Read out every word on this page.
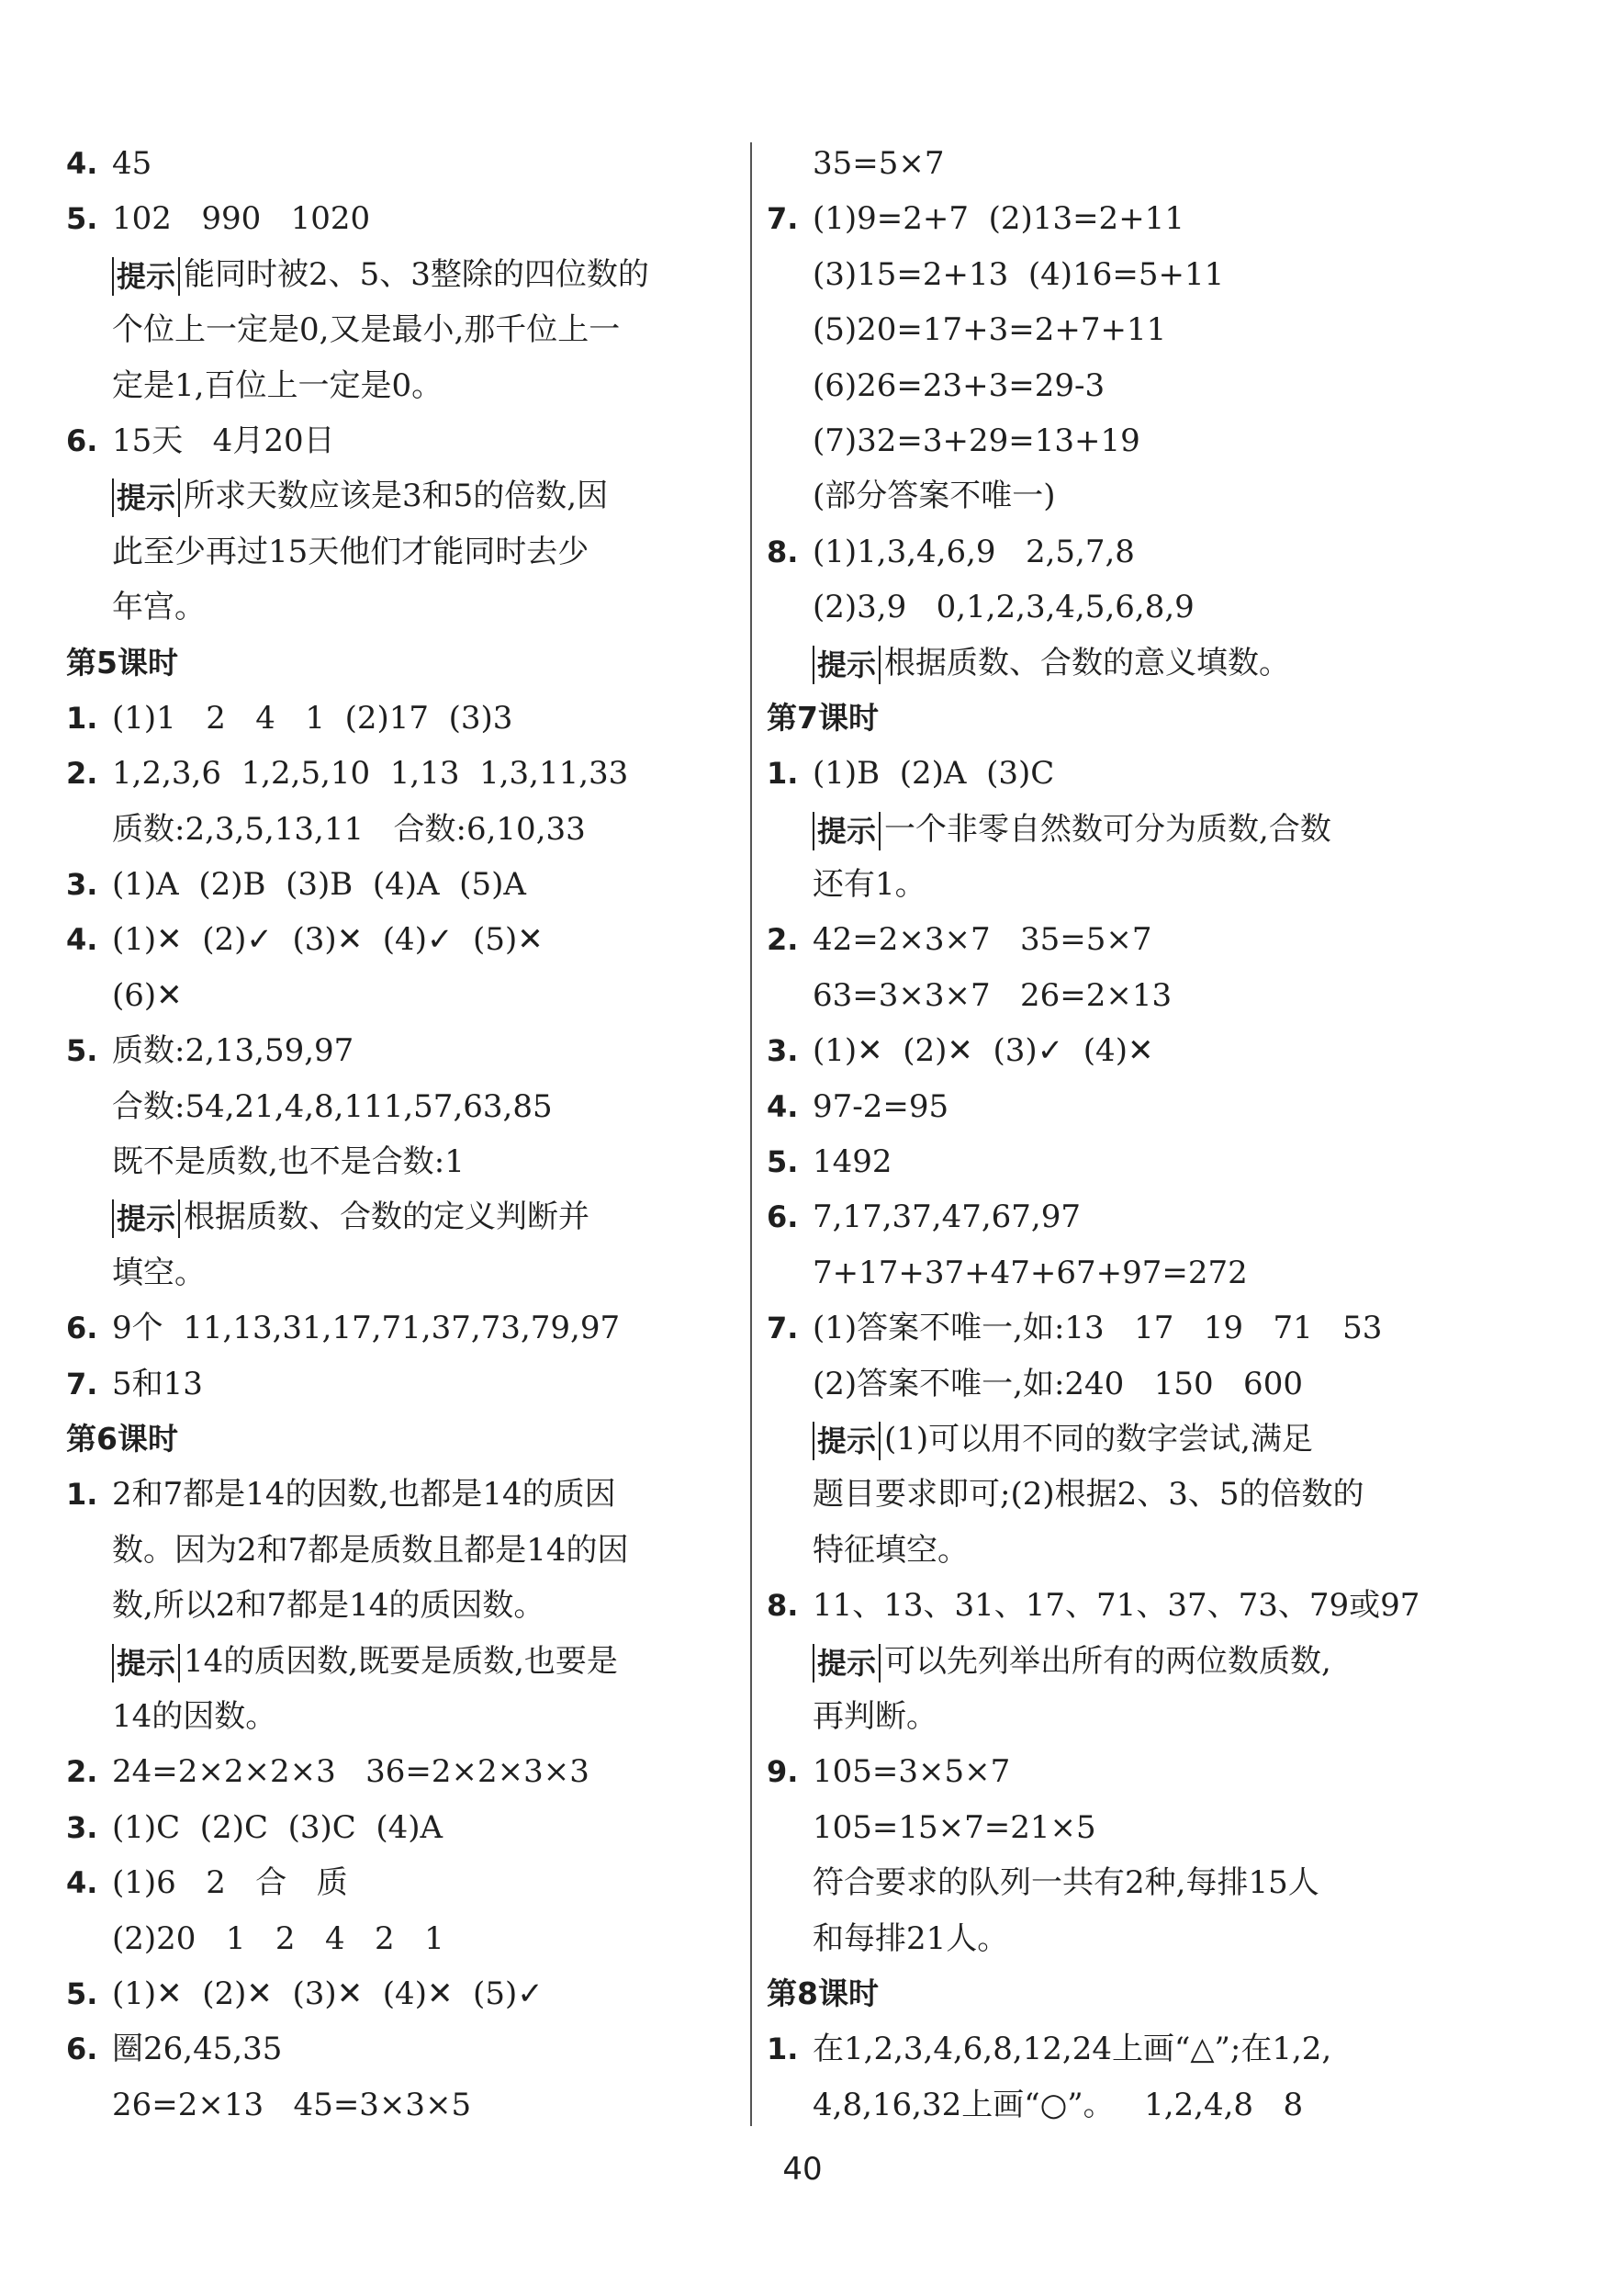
4. 45
5. 102   990   1020
提示 能同时被2、5、3整除的四位数的
个位上一定是0,又是最小,那千位上一
定是1,百位上一定是0。
6. 15天   4月20日
提示 所求天数应该是3和5的倍数,因
此至少再过15天他们才能同时去少
年宫。
第5课时
1. (1)1   2   4   1  (2)17  (3)3
2. 1,2,3,6  1,2,5,10  1,13  1,3,11,33
质数:2,3,5,13,11   合数:6,10,33
3. (1)A  (2)B  (3)B  (4)A  (5)A
4. (1)✕  (2)✓  (3)✕  (4)✓  (5)✕
(6)✕
5. 质数:2,13,59,97
合数:54,21,4,8,111,57,63,85
既不是质数,也不是合数:1
提示 根据质数、合数的定义判断并
填空。
6. 9个  11,13,31,17,71,37,73,79,97
7. 5和13
第6课时
1. 2和7都是14的因数,也都是14的质因
数。因为2和7都是质数且都是14的因
数,所以2和7都是14的质因数。
提示 14的质因数,既要是质数,也要是
14的因数。
2. 24=2×2×2×3   36=2×2×3×3
3. (1)C  (2)C  (3)C  (4)A
4. (1)6   2   合   质
(2)20   1   2   4   2   1
5. (1)✕  (2)✕  (3)✕  (4)✕  (5)✓
6. 圈26,45,35
26=2×13   45=3×3×5
35=5×7
7. (1)9=2+7  (2)13=2+11
(3)15=2+13  (4)16=5+11
(5)20=17+3=2+7+11
(6)26=23+3=29-3
(7)32=3+29=13+19
(部分答案不唯一)
8. (1)1,3,4,6,9   2,5,7,8
(2)3,9   0,1,2,3,4,5,6,8,9
提示 根据质数、合数的意义填数。
第7课时
1. (1)B  (2)A  (3)C
提示 一个非零自然数可分为质数,合数
还有1。
2. 42=2×3×7   35=5×7
63=3×3×7   26=2×13
3. (1)✕  (2)✕  (3)✓  (4)✕
4. 97-2=95
5. 1492
6. 7,17,37,47,67,97
7+17+37+47+67+97=272
7. (1)答案不唯一,如:13   17   19   71   53
(2)答案不唯一,如:240   150   600
提示 (1)可以用不同的数字尝试,满足
题目要求即可;(2)根据2、3、5的倍数的
特征填空。
8. 11、13、31、17、71、37、73、79或97
提示 可以先列举出所有的两位数质数,
再判断。
9. 105=3×5×7
105=15×7=21×5
符合要求的队列一共有2种,每排15人
和每排21人。
第8课时
1. 在1,2,3,4,6,8,12,24上画“△”;在1,2,
4,8,16,32上画“○”。   1,2,4,8   8
40
